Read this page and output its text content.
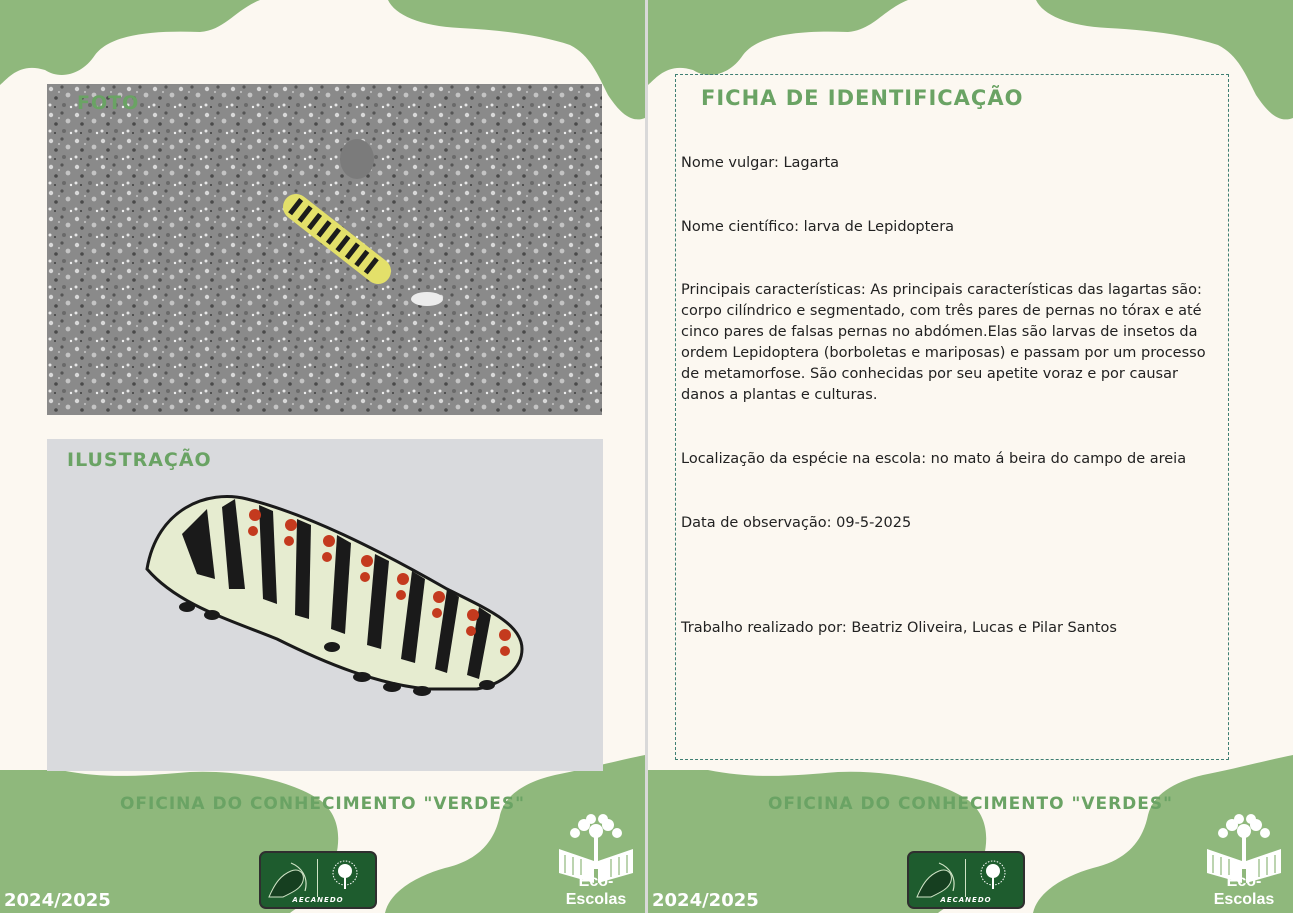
FOTO

ILUSTRAÇÃO

OFICINA DO CONHECIMENTO "VERDES"

AECANEDO

Eco-Escolas

2024/2025

FICHA DE IDENTIFICAÇÃO

Nome vulgar: Lagarta

Nome científico: larva de Lepidoptera

Principais características: As principais características das lagartas são: corpo cilíndrico e segmentado, com três pares de pernas no tórax e até cinco pares de falsas pernas no abdómen.Elas são larvas de insetos da ordem Lepidoptera (borboletas e mariposas) e passam por um processo de metamorfose. São conhecidas por seu apetite voraz e por causar danos a plantas e culturas.

Localização da espécie na escola: no mato á beira do campo de areia

Data de observação: 09-5-2025

Trabalho realizado por: Beatriz Oliveira, Lucas e Pilar Santos

OFICINA DO CONHECIMENTO "VERDES"

AECANEDO

Eco-Escolas

2024/2025
